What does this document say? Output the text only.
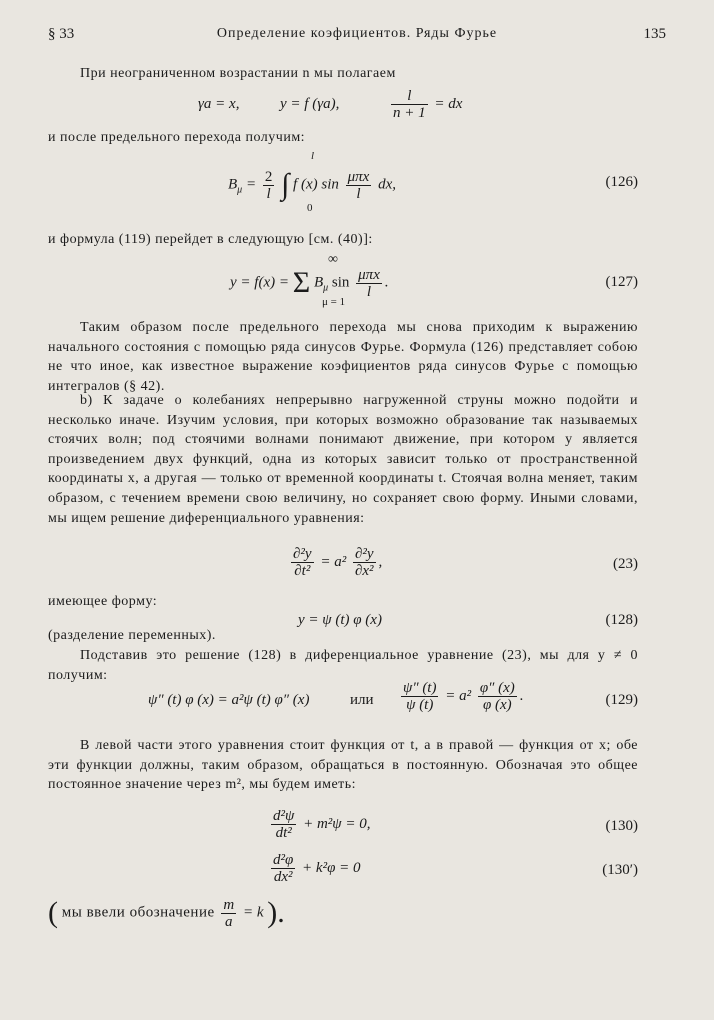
§ 33	Определение коэфициентов. Ряды Фурье	135
При неограниченном возрастании n мы полагаем
γa = x,	y = f (γa),	$\frac{l}{n + 1}$ = dx
и после предельного перехода получим:
$B_\mu = \frac{2}{l}$ ∫ f (x) $\sin \frac{\text{μπx}}{l}$ dx,
l
0
(126)
и формула (119) перейдет в следующую [см. (40)]:
∞
y = f(x) = Σ $B_\mu$ $\sin \frac{\text{μπx}}{l}$ .
μ = 1
(127)
Таким образом после предельного перехода мы снова приходим к выражению начального состояния с помощью ряда синусов Фурье. Формула (126) представляет собою не что иное, как известное выражение коэфициентов ряда синусов Фурье с помощью интегралов (§ 42).
b) К задаче о колебаниях непрерывно нагруженной струны можно подойти и несколько иначе. Изучим условия, при которых возможно образование так называемых стоячих волн; под стоячими волнами понимают движение, при котором y является произведением двух функций, одна из которых зависит только от пространственной координаты x, а другая — только от временной координаты t. Стоячая волна меняет, таким образом, с течением времени свою величину, но сохраняет свою форму. Иными словами, мы ищем решение диференциального уравнения:
$\frac{\text{∂²y}}{\text{∂t²}} = a^2 \frac{\text{∂²y}}{\text{∂x²}}$ ,	(23)
имеющее форму:
y = ψ (t) φ (x)	(128)
(разделение переменных).
Подставив это решение (128) в диференциальное уравнение (23), мы для y ≠ 0 получим:
ψ″ (t) φ (x) = a²ψ (t) φ″ (x)	или $\frac{\psi'' (t)}{\psi (t)} = a^2 \frac{\varphi'' (x)}{\varphi (x)}$ .	(129)
В левой части этого уравнения стоит функция от t, а в правой — функция от x; обе эти функции должны, таким образом, обращаться в постоянную. Обозначая это общее постоянное значение через m², мы будем иметь:
$\frac{\text{d²ψ}}{\text{dt²}} + m^2\psi = 0$,	(130)
$\frac{\text{d²φ}}{\text{dx²}} + k^2\varphi = 0$	(130′)
( мы ввели обозначение $\frac{m}{a} = k$ ).
